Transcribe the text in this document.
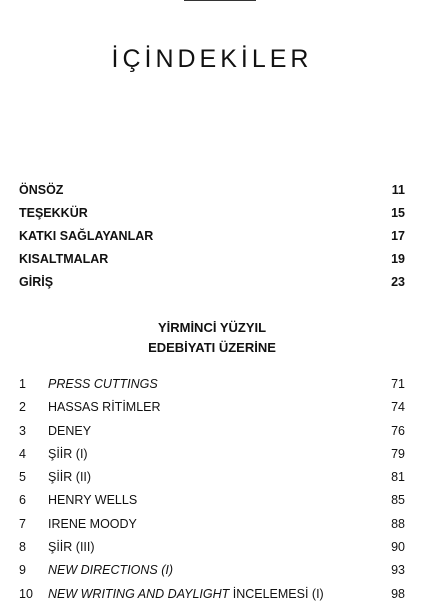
İÇİNDEKİLER
ÖNSÖZ	11
TEŞEKKÜR	15
KATKI SAĞLAYANLAR	17
KISALTMALAR	19
GİRİŞ	23
YİRMİNCİ YÜZYIL
EDEBİYATI ÜZERİNE
1	PRESS CUTTINGS	71
2	HASSAS RİTİMLER	74
3	DENEY	76
4	ŞİİR (I)	79
5	ŞİİR (II)	81
6	HENRY WELLS	85
7	IRENE MOODY	88
8	ŞİİR (III)	90
9	NEW DIRECTIONS (I)	93
10	NEW WRITING AND DAYLIGHT İNCELEMESİ (I)	98
